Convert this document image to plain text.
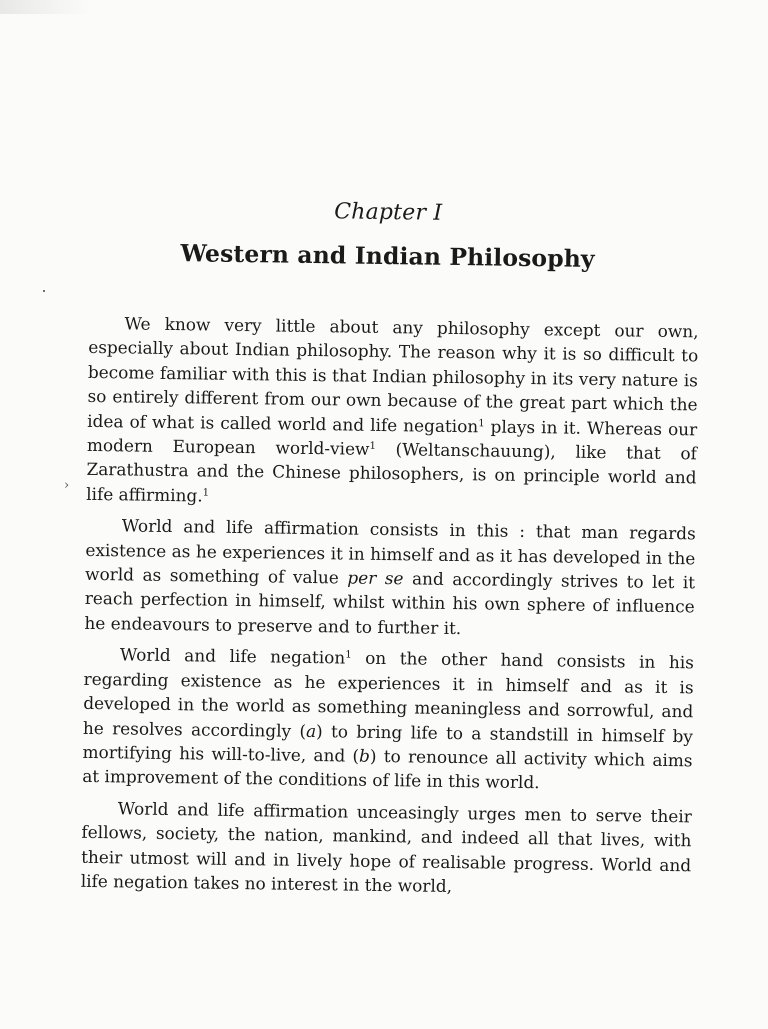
›
Chapter I
Western and Indian Philosophy

We know very little about any philosophy except our own, especially about Indian philosophy. The reason why it is so difficult to become familiar with this is that Indian philosophy in its very nature is so entirely different from our own because of the great part which the idea of what is called world and life negation$^1$ plays in it. Whereas our modern European world-view$^1$ (Weltanschauung), like that of Zarathustra and the Chinese philosophers, is on principle world and life affirming.$^1$

World and life affirmation consists in this : that man regards existence as he experiences it in himself and as it has developed in the world as something of value per se and accordingly strives to let it reach perfection in himself, whilst within his own sphere of influence he endeavours to preserve and to further it.

World and life negation$^1$ on the other hand consists in his regarding existence as he experiences it in himself and as it is developed in the world as something meaningless and sorrowful, and he resolves accordingly (a) to bring life to a standstill in himself by mortifying his will-to-live, and (b) to renounce all activity which aims at improvement of the conditions of life in this world.

World and life affirmation unceasingly urges men to serve their fellows, society, the nation, mankind, and indeed all that lives, with their utmost will and in lively hope of realisable progress. World and life negation takes no interest in the world,
